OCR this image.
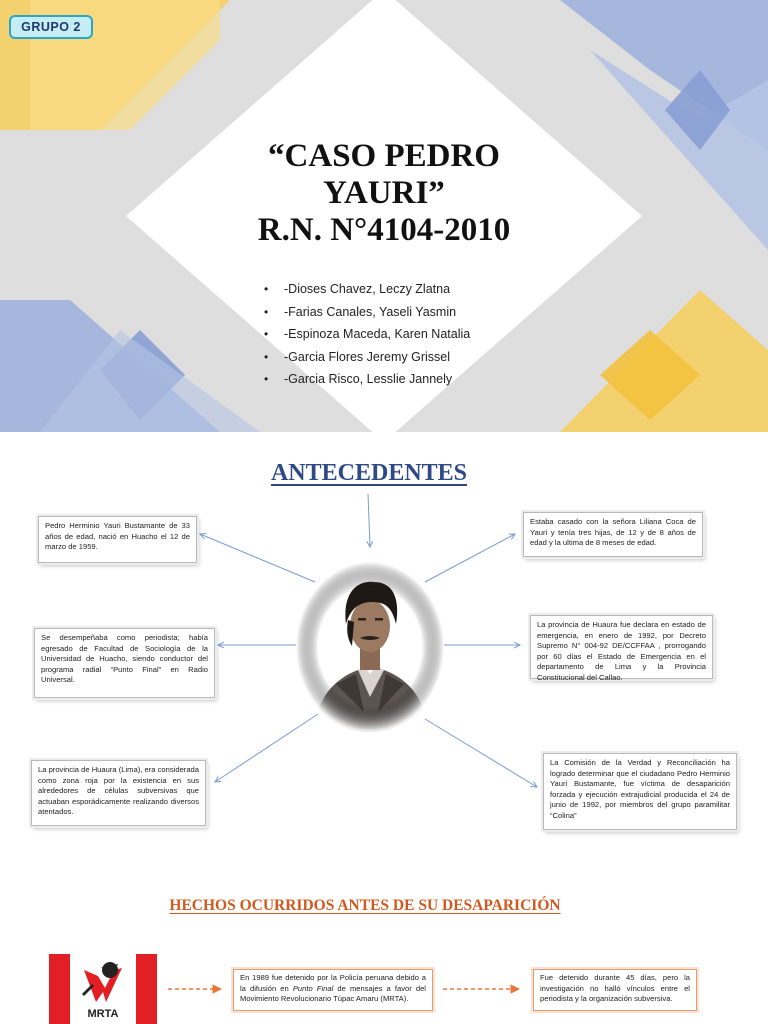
GRUPO 2
“CASO PEDRO
YAURI”
R.N. N°4104-2010
• -Dioses Chavez, Leczy Zlatna
• -Farias Canales, Yaseli Yasmin
• -Espinoza Maceda, Karen Natalia
• -Garcia Flores Jeremy Grissel
• -Garcia Risco, Lesslie Jannely
ANTECEDENTES
Pedro Herminio Yauri Bustamante de 33 años de edad, nació en Huacho el 12 de marzo de 1959.
Estaba casado con la señora Liliana Coca de Yauri y tenía tres hijas, de 12 y de 8 años de edad y la ultima de 8 meses de edad.
Se desempeñaba como periodista; había egresado de Facultad de Sociología de la Universidad de Huacho, siendo conductor del programa radial “Punto Final” en Radio Universal.
La provincia de Huaura fue declara en estado de emergencia, en enero de 1992, por Decreto Supremo N° 004-92 DE/CCFFAA , prorrogando por 60 días el Estado de Emergencia en el departamento de Lima y la Provincia Constitucional del Callao.
La provincia de Huaura (Lima), era considerada como zona roja por la existencia en sus alrededores de células subversivas que actuaban esporádicamente realizando diversos atentados.
La Comisión de la Verdad y Reconciliación ha logrado determinar que el ciudadano Pedro Herminio Yauri Bustamante, fue víctima de desaparición forzada y ejecución extrajudicial producida el 24 de junio de 1992, por miembros del grupo paramilitar “Colina”
HECHOS OCURRIDOS ANTES DE SU DESAPARICIÓN
MRTA
En 1989 fue detenido por la Policía peruana debido a la difusión en Punto Final de mensajes a favor del Movimiento Revolucionario Túpac Amaru (MRTA).
Fue detenido durante 45 días, pero la investigación no halló vínculos entre el periodista y la organización subversiva.
